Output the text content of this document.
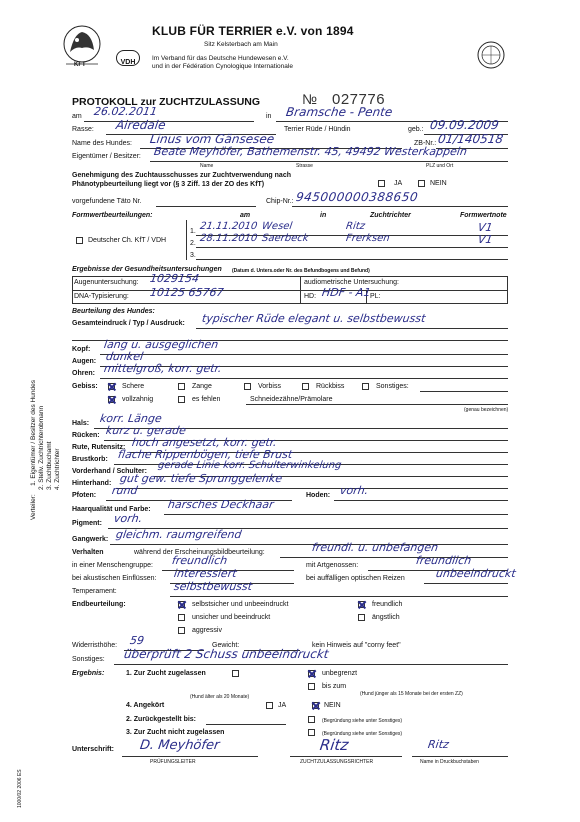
KFT	VDH
KLUB FÜR TERRIER e.V. von 1894
Sitz Kelsterbach am Main
Im Verband für das Deutsche Hundewesen e.V.
und in der Fédération Cynologique Internationale
PROTOKOLL zur ZUCHTZULASSUNG	№ 027776
am 26.02.2011	in Bramsche - Pente
Rasse: Airedale	Terrier Rüde / Hündin	geb.: 09.09.2009
Name des Hundes: Linus vom Gänsesee	ZB-Nr.: 01/140518
Eigentümer / Besitzer: Beate Meyhöfer, Bathemenstr. 45, 49492 Westerkappeln
Name	Strasse	PLZ und Ort
Genehmigung des Zuchtausschusses zur Zuchtverwendung nach
Phänotypbeurteilung liegt vor (§ 3 Ziff. 13 der ZO des KfT)	JA	NEIN
vorgefundene Täto Nr.	Chip-Nr.: 945000000388650
Formwertbeurteilungen:	am	in	Zuchtrichter	Formwertnote
Deutscher Ch. KfT / VDH
1. 21.11.2010 Wesel	Ritz	V1
2. 28.11.2010 Saerbeck	Frerksen	V1
3.
Ergebnisse der Gesundheitsuntersuchungen (Datum d. Unters.oder Nr. des Befundbogens und Befund)
Augenuntersuchung: 1029154	audiometrische Untersuchung:
DNA-Typisierung: 10125 65767	HD: HDF - A1
PL:
Beurteilung des Hundes:
Gesamteindruck / Typ / Ausdruck: typischer Rüde elegant u. selbstbewusst
Kopf: lang u. ausgeglichen
Augen: dunkel
Ohren: mittelgroß, korr. getr.
Gebiss:	Schere	Zange	Vorbiss	Rückbiss	Sonstiges:
vollzahnig	es fehlen	Schneidezähne/Prämolare
(genau bezeichnen)
Hals: korr. Länge
Rücken: kurz u. gerade
Rute, Rutensitz: hoch angesetzt, korr. getr.
Brustkorb: flache Rippenbögen, tiefe Brust
Vorderhand / Schulter:
gerade Linie korr. Schulterwinkelung
Hinterhand: gut gew. tiefe Sprunggelenke
Pfoten: rund	Hoden: vorh.
Haarqualität und Farbe: harsches Deckhaar
Pigment: vorh.
Gangwerk: gleichm. raumgreifend
Verhalten	während der Erscheinungsbildbeurteilung:	freundl. u. unbefangen
in einer Menschengruppe: freundlich	mit Artgenossen:	freundlich
bei akustischen Einflüssen: interessiert	bei auffälligen optischen Reizen	unbeeindruckt
Temperament:	selbstbewusst
Endbeurteilung:	selbstsicher und unbeeindruckt	freundlich
unsicher und beeindruckt	ängstlich
aggressiv
Widerristhöhe: 59	Gewicht:	kein Hinweis auf "corny feet"
Sonstiges: überprüft 2 Schuss unbeeindruckt
Ergebnis:	1. Zur Zucht zugelassen	unbegrenzt
bis zum
(Hund jünger als 15 Monate bei der ersten ZZ)
4. Angekört
(Hund älter als 20 Monate)
JA	NEIN
2. Zurückgestellt bis:	(Begründung siehe unter Sonstiges)
3. Zur Zucht nicht zugelassen	(Begründung siehe unter Sonstiges)
Unterschrift: D. Meyhöfer	Ritz	Ritz
PRÜFUNGSLEITER	ZUCHTZULASSUNGSRICHTER	Name in Druckbuchstaben
Verteiler: 1. Eigentümer / Besitzer des Hundes 2. Stellv. Zuchtrichterobmann 3. Zuchtbuchamt 4. Zuchtrichter
1000/02 2006 ES
